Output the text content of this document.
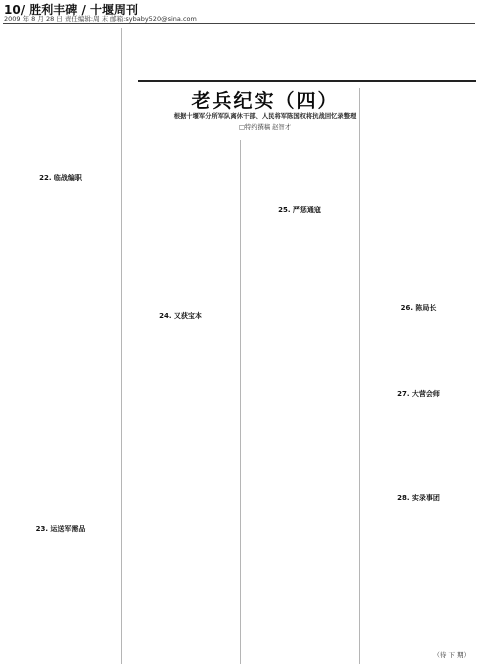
10/ 胜利丰碑 / 十堰周刊
2009 年 8 月 28 日 责任编辑:周 末 邮箱:sybaby520@sina.com
老兵纪实（四）
根据十堰军分所军队离休干部、人民将军陈国权将抗战回忆录整理
□特约撰稿 赵智才
22. 临战编职
23. 运送军需品
24. 又获宝本
25. 严惩通寇
26. 陈局长
27. 大营会师
28. 实录事团
（待 下 期）
